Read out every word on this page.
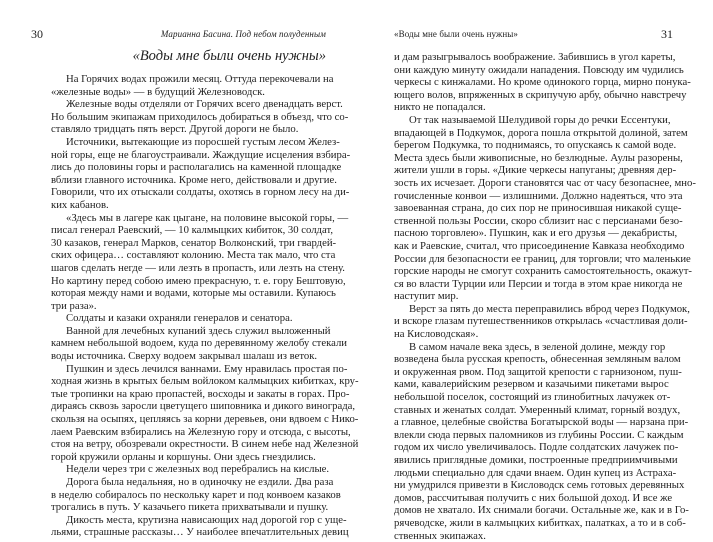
30	Марианна Басина. Под небом полуденным
«Воды мне были очень нужны»
На Горячих водах прожили месяц. Оттуда перекочевали на
«железные воды» — в будущий Железноводск.
Железные воды отделяли от Горячих всего двенадцать верст.
Но большим экипажам приходилось добираться в объезд, что со-
ставляло тридцать пять верст. Другой дороги не было.
Источники, вытекающие из поросшей густым лесом Желез-
ной горы, еще не благоустраивали. Жаждущие исцеления взбира-
лись до половины горы и располагались на каменной площадке
вблизи главного источника. Кроме него, действовали и другие.
Говорили, что их отыскали солдаты, охотясь в горном лесу на ди-
ких кабанов.
«Здесь мы в лагере как цыгане, на половине высокой горы, —
писал генерал Раевский, — 10 калмыцких кибиток, 30 солдат,
30 казаков, генерал Марков, сенатор Волконский, три гвардей-
ских офицера… составляют колонию. Места так мало, что ста
шагов сделать негде — или лезть в пропасть, или лезть на стену.
Но картину перед собою имею прекрасную, т. е. гору Бештовую,
которая между нами и водами, которые мы оставили. Купаюсь
три раза».
Солдаты и казаки охраняли генералов и сенатора.
Ванной для лечебных купаний здесь служил выложенный
камнем небольшой водоем, куда по деревянному желобу стекали
воды источника. Сверху водоем закрывал шалаш из веток.
Пушкин и здесь лечился ваннами. Ему нравилась простая по-
ходная жизнь в крытых белым войлоком калмыцких кибитках, кру-
тые тропинки на краю пропастей, восходы и закаты в горах. Про-
дираясь сквозь заросли цветущего шиповника и дикого винограда,
скользя на осыпях, цепляясь за корни деревьев, они вдвоем с Нико-
лаем Раевским взбирались на Железную гору и отсюда, с высоты,
стоя на ветру, обозревали окрестности. В синем небе над Железной
горой кружили орланы и коршуны. Они здесь гнездились.
Недели через три с железных вод перебрались на кислые.
Дорога была недальняя, но в одиночку не ездили. Два раза
в неделю собиралось по нескольку карет и под конвоем казаков
трогались в путь. У казачьего пикета прихватывали и пушку.
Дикость места, крутизна нависающих над дорогой гор с уще-
льями, страшные рассказы… У наиболее впечатлительных девиц
«Воды мне были очень нужны»	31
и дам разыгрывалось воображение. Забившись в угол кареты,
они каждую минуту ожидали нападения. Повсюду им чудились
черкесы с кинжалами. Но кроме одинокого горца, мирно понука-
ющего волов, впряженных в скрипучую арбу, обычно навстречу
никто не попадался.
От так называемой Шелудивой горы до речки Ессентуки,
впадающей в Подкумок, дорога пошла открытой долиной, затем
берегом Подкумка, то поднимаясь, то опускаясь к самой воде.
Места здесь были живописные, но безлюдные. Аулы разорены,
жители ушли в горы. «Дикие черкесы напуганы; древняя дер-
зость их исчезает. Дороги становятся час от часу безопаснее, мно-
гочисленные конвои — излишними. Должно надеяться, что эта
завоеванная страна, до сих пор не приносившая никакой суще-
ственной пользы России, скоро сблизит нас с персианами безо-
пасною торговлею». Пушкин, как и его друзья — декабристы,
как и Раевские, считал, что присоединение Кавказа необходимо
России для безопасности ее границ, для торговли; что маленькие
горские народы не смогут сохранить самостоятельность, окажут-
ся во власти Турции или Персии и тогда в этом крае никогда не
наступит мир.
Верст за пять до места переправились вброд через Подкумок,
и вскоре глазам путешественников открылась «счастливая доли-
на Кисловодская».
В самом начале века здесь, в зеленой долине, между гор
возведена была русская крепость, обнесенная земляным валом
и окруженная рвом. Под защитой крепости с гарнизоном, пуш-
ками, кавалерийским резервом и казачьими пикетами вырос
небольшой поселок, состоящий из глинобитных лачужек от-
ставных и женатых солдат. Умеренный климат, горный воздух,
а главное, целебные свойства Богатырской воды — нарзана при-
влекли сюда первых паломников из глубины России. С каждым
годом их число увеличивалось. Подле солдатских лачужек по-
явились приглядные домики, построенные предприимчивыми
людьми специально для сдачи внаем. Один купец из Астраха-
ни умудрился привезти в Кисловодск семь готовых деревянных
домов, рассчитывая получить с них большой доход. И все же
домов не хватало. Их снимали богачи. Остальные же, как и в Го-
рячеводске, жили в калмыцких кибитках, палатках, а то и в соб-
ственных экипажах.
